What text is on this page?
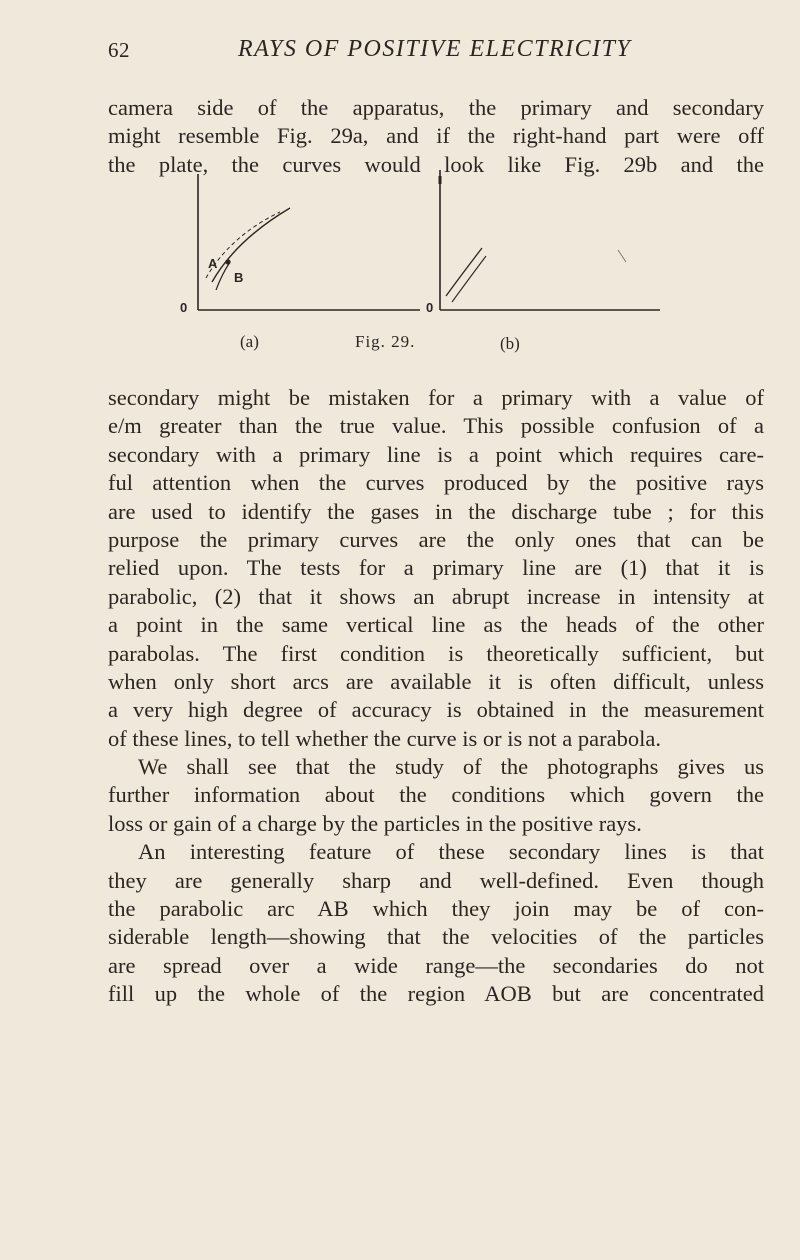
62	RAYS OF POSITIVE ELECTRICITY
camera side of the apparatus, the primary and secondary
might resemble Fig. 29a, and if the right-hand part were off
the plate, the curves would look like Fig. 29b and the
A
B
0	0
(a)	Fig. 29.	(b)
secondary might be mistaken for a primary with a value of
e/m greater than the true value. This possible confusion of a
secondary with a primary line is a point which requires care-
ful attention when the curves produced by the positive rays
are used to identify the gases in the discharge tube ; for this
purpose the primary curves are the only ones that can be
relied upon. The tests for a primary line are (1) that it is
parabolic, (2) that it shows an abrupt increase in intensity at
a point in the same vertical line as the heads of the other
parabolas. The first condition is theoretically sufficient, but
when only short arcs are available it is often difficult, unless
a very high degree of accuracy is obtained in the measurement
of these lines, to tell whether the curve is or is not a parabola.
We shall see that the study of the photographs gives us
further information about the conditions which govern the
loss or gain of a charge by the particles in the positive rays.
An interesting feature of these secondary lines is that
they are generally sharp and well-defined. Even though
the parabolic arc AB which they join may be of con-
siderable length—showing that the velocities of the particles
are spread over a wide range—the secondaries do not
fill up the whole of the region AOB but are concentrated
